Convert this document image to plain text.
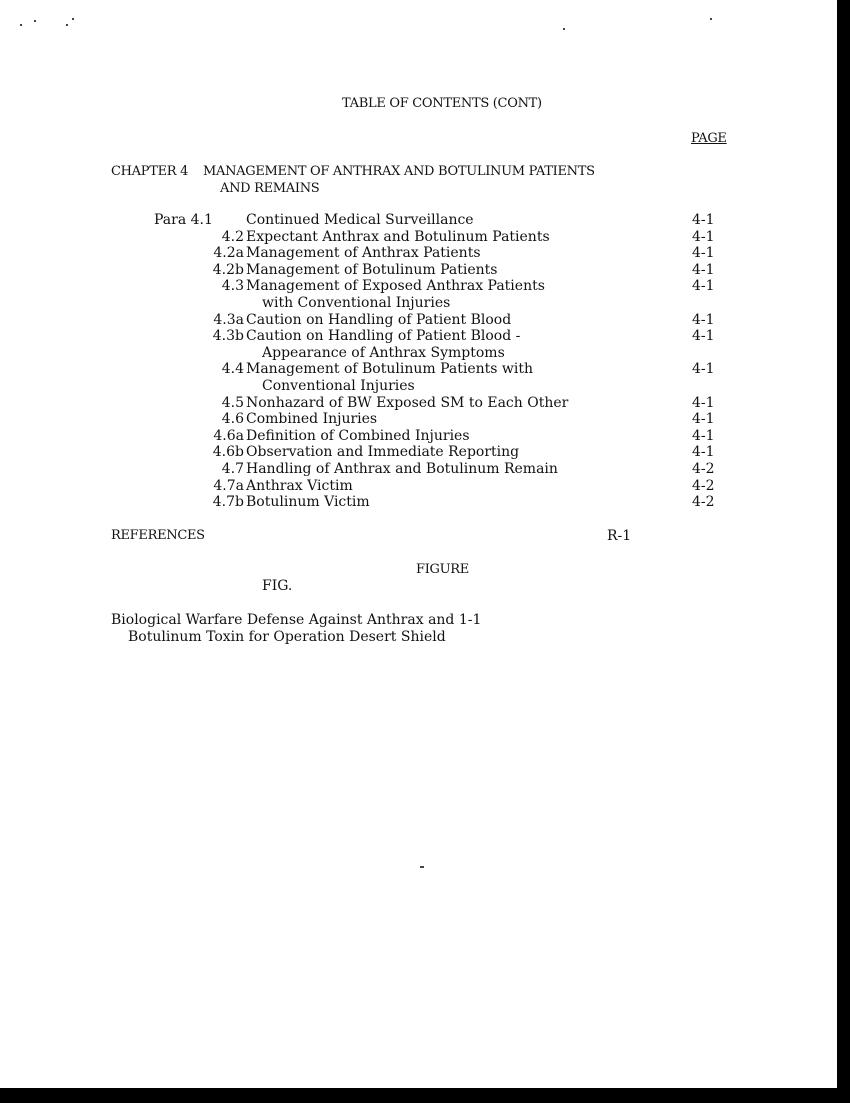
TABLE OF CONTENTS (CONT)
PAGE
CHAPTER 4 MANAGEMENT OF ANTHRAX AND BOTULINUM PATIENTS
AND REMAINS
Para 4.1 Continued Medical Surveillance	4-1
4.2 Expectant Anthrax and Botulinum Patients	4-1
4.2a Management of Anthrax Patients	4-1
4.2b Management of Botulinum Patients	4-1
4.3 Management of Exposed Anthrax Patients	4-1
with Conventional Injuries
4.3a Caution on Handling of Patient Blood	4-1
4.3b Caution on Handling of Patient Blood -	4-1
Appearance of Anthrax Symptoms
4.4 Management of Botulinum Patients with	4-1
Conventional Injuries
4.5 Nonhazard of BW Exposed SM to Each Other	4-1
4.6 Combined Injuries	4-1
4.6a Definition of Combined Injuries	4-1
4.6b Observation and Immediate Reporting	4-1
4.7 Handling of Anthrax and Botulinum Remain	4-2
4.7a Anthrax Victim	4-2
4.7b Botulinum Victim	4-2
REFERENCES	R-1
FIGURE
FIG.
Biological Warfare Defense Against Anthrax and 1-1
Botulinum Toxin for Operation Desert Shield
